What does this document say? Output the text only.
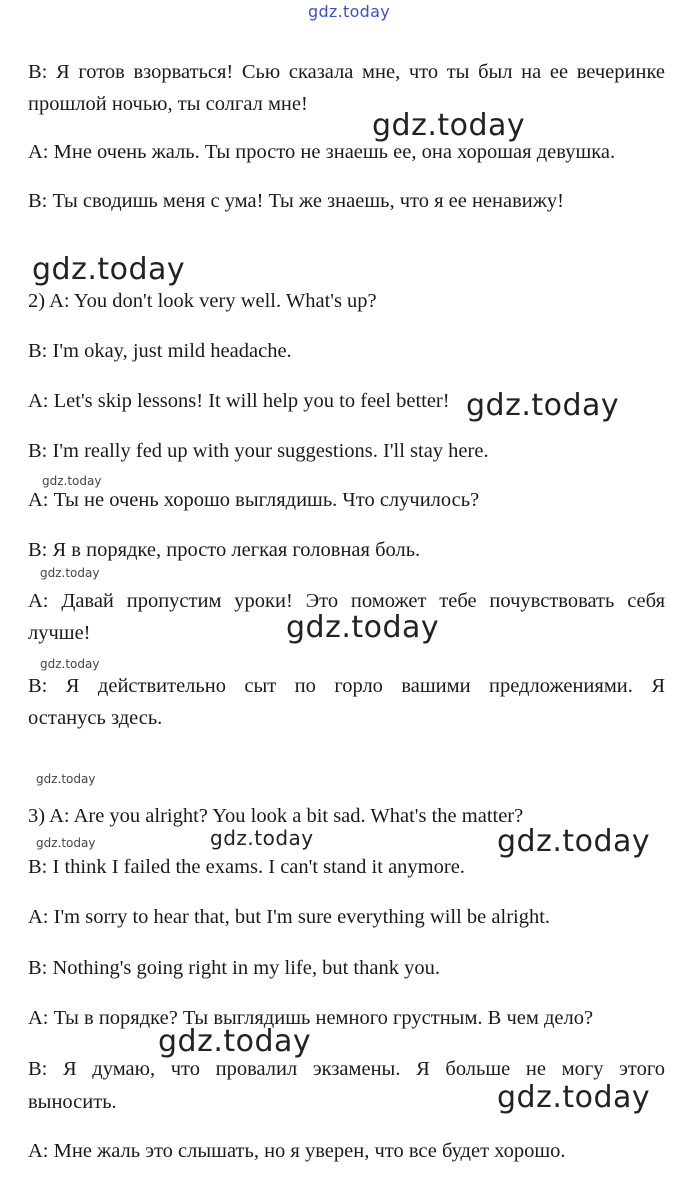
gdz.today
B: Я готов взорваться! Сью сказала мне, что ты был на ее вечеринке
прошлой ночью, ты солгал мне!
A: Мне очень жаль. Ты просто не знаешь ее, она хорошая девушка.
B: Ты сводишь меня с ума! Ты же знаешь, что я ее ненавижу!
2) A: You don't look very well. What's up?
B: I'm okay, just mild headache.
A: Let's skip lessons! It will help you to feel better!
B: I'm really fed up with your suggestions. I'll stay here.
A: Ты не очень хорошо выглядишь. Что случилось?
B: Я в порядке, просто легкая головная боль.
A: Давай пропустим уроки! Это поможет тебе почувствовать себя
лучше!
B: Я действительно сыт по горло вашими предложениями. Я
останусь здесь.
3) A: Are you alright? You look a bit sad. What's the matter?
B: I think I failed the exams. I can't stand it anymore.
A: I'm sorry to hear that, but I'm sure everything will be alright.
B: Nothing's going right in my life, but thank you.
A: Ты в порядке? Ты выглядишь немного грустным. В чем дело?
B: Я думаю, что провалил экзамены. Я больше не могу этого
выносить.
A: Мне жаль это слышать, но я уверен, что все будет хорошо.
gdz.today
gdz.today
gdz.today
gdz.today
gdz.today
gdz.today
gdz.today
gdz.today
gdz.today	gdz.today	gdz.today
gdz.today
gdz.today
